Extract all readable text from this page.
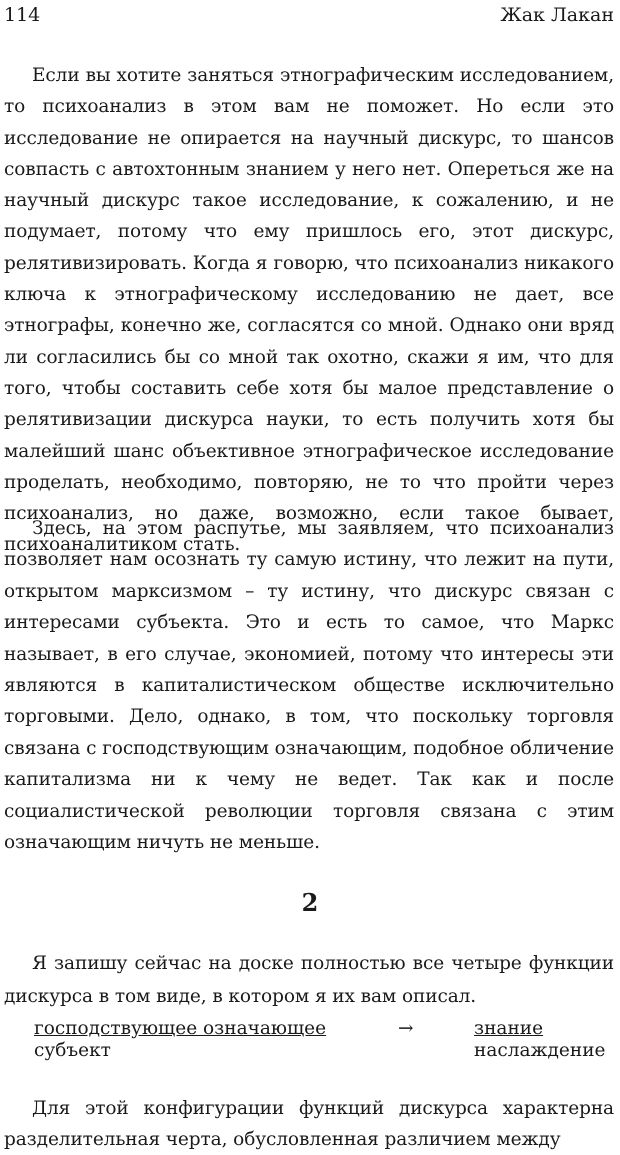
114	Жак Лакан

Если вы хотите заняться этнографическим исследованием, то психоанализ в этом вам не поможет. Но если это исследование не опирается на научный дискурс, то шансов совпасть с автохтонным знанием у него нет. Опереться же на научный дискурс такое исследование, к сожалению, и не подумает, потому что ему пришлось его, этот дискурс, релятивизировать. Когда я говорю, что психоанализ никакого ключа к этнографическому исследованию не дает, все этнографы, конечно же, согласятся со мной. Однако они вряд ли согласились бы со мной так охотно, скажи я им, что для того, чтобы составить себе хотя бы малое представление о релятивизации дискурса науки, то есть получить хотя бы малейший шанс объективное этнографическое исследование проделать, необходимо, повторяю, не то что пройти через психоанализ, но даже, возможно, если такое бывает, психоаналитиком стать.

Здесь, на этом распутье, мы заявляем, что психоанализ позволяет нам осознать ту самую истину, что лежит на пути, открытом марксизмом – ту истину, что дискурс связан с интересами субъекта. Это и есть то самое, что Маркс называет, в его случае, экономией, потому что интересы эти являются в капиталистическом обществе исключительно торговыми. Дело, однако, в том, что поскольку торговля связана с господствующим означающим, подобное обличение капитализма ни к чему не ведет. Так как и после социалистической революции торговля связана с этим означающим ничуть не меньше.

2

Я запишу сейчас на доске полностью все четыре функции дискурса в том виде, в котором я их вам описал.

господствующее означающее
субъект
→	знание
наслаждение

Для этой конфигурации функций дискурса характерна разделительная черта, обусловленная различием между
